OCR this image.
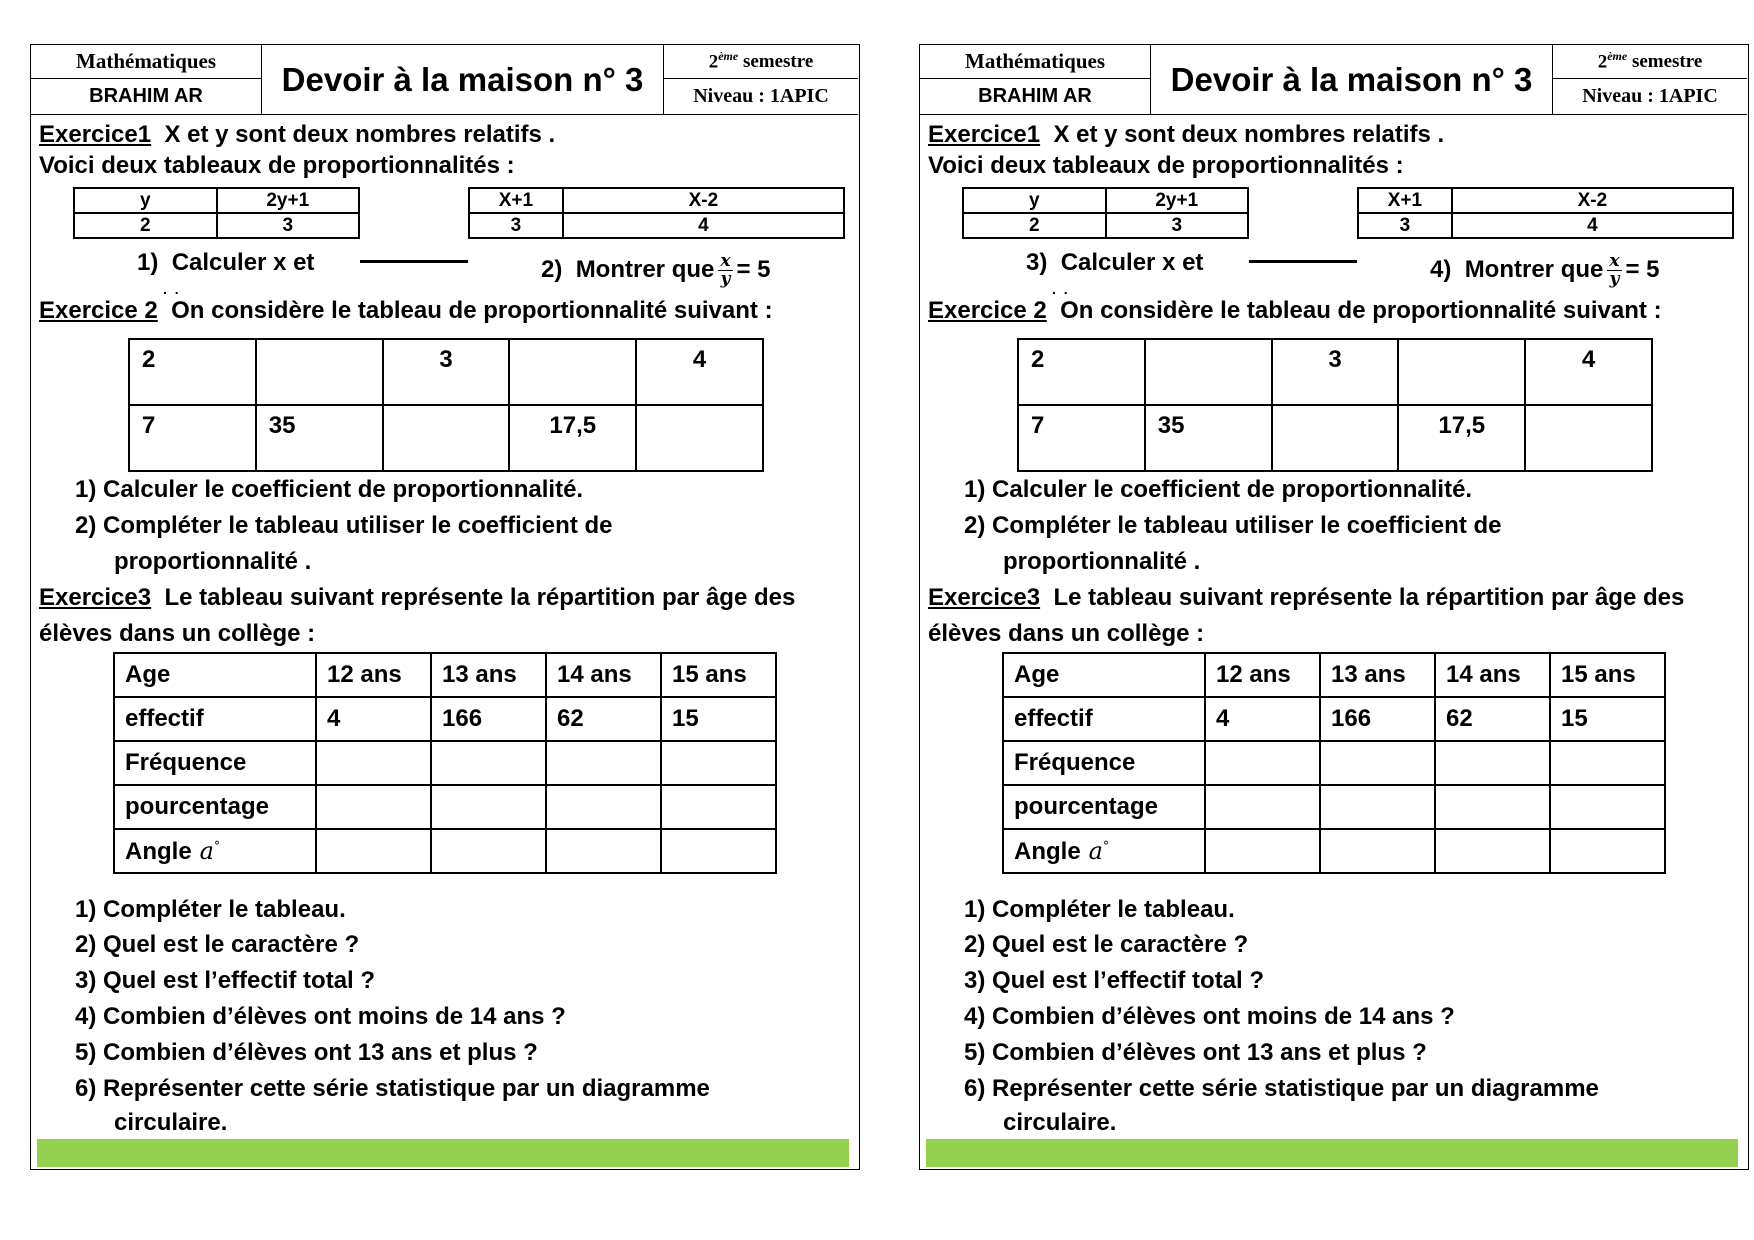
Mathématiques
BRAHIM AR	Devoir à la maison n° 3	2ème
semestre
Niveau : 1APIC
Exercice1 X et y sont deux nombres relatifs .
Voici deux tableaux de proportionnalités :
y	2y+1
2	3
X+1	X-2
3	4
1) Calculer x et
. .
2) Montrer que $\frac{x}{y} = 5$
Exercice 2 On considère le tableau de proportionnalité suivant :
2		3		4
7	35		17,5	
1) Calculer le coefficient de proportionnalité.
2) Compléter le tableau utiliser le coefficient de
proportionnalité .
Exercice3 Le tableau suivant représente la répartition par âge des
élèves dans un collège :
Age	12 ans	13 ans	14 ans	15 ans
effectif	4	166	62	15
Fréquence				
pourcentage				
Angle a°				
1) Compléter le tableau.
2) Quel est le caractère ?
3) Quel est l’effectif total ?
4) Combien d’élèves ont moins de 14 ans ?
5) Combien d’élèves ont 13 ans et plus ?
6) Représenter cette série statistique par un diagramme
circulaire.
Mathématiques
BRAHIM AR	Devoir à la maison n° 3	2ème
semestre
Niveau : 1APIC
Exercice1 X et y sont deux nombres relatifs .
Voici deux tableaux de proportionnalités :
y	2y+1
2	3
X+1	X-2
3	4
3) Calculer x et
. .
4) Montrer que $\frac{x}{y} = 5$
Exercice 2 On considère le tableau de proportionnalité suivant :
2		3		4
7	35		17,5	
1) Calculer le coefficient de proportionnalité.
2) Compléter le tableau utiliser le coefficient de
proportionnalité .
Exercice3 Le tableau suivant représente la répartition par âge des
élèves dans un collège :
Age	12 ans	13 ans	14 ans	15 ans
effectif	4	166	62	15
Fréquence				
pourcentage				
Angle a°				
1) Compléter le tableau.
2) Quel est le caractère ?
3) Quel est l’effectif total ?
4) Combien d’élèves ont moins de 14 ans ?
5) Combien d’élèves ont 13 ans et plus ?
6) Représenter cette série statistique par un diagramme
circulaire.
